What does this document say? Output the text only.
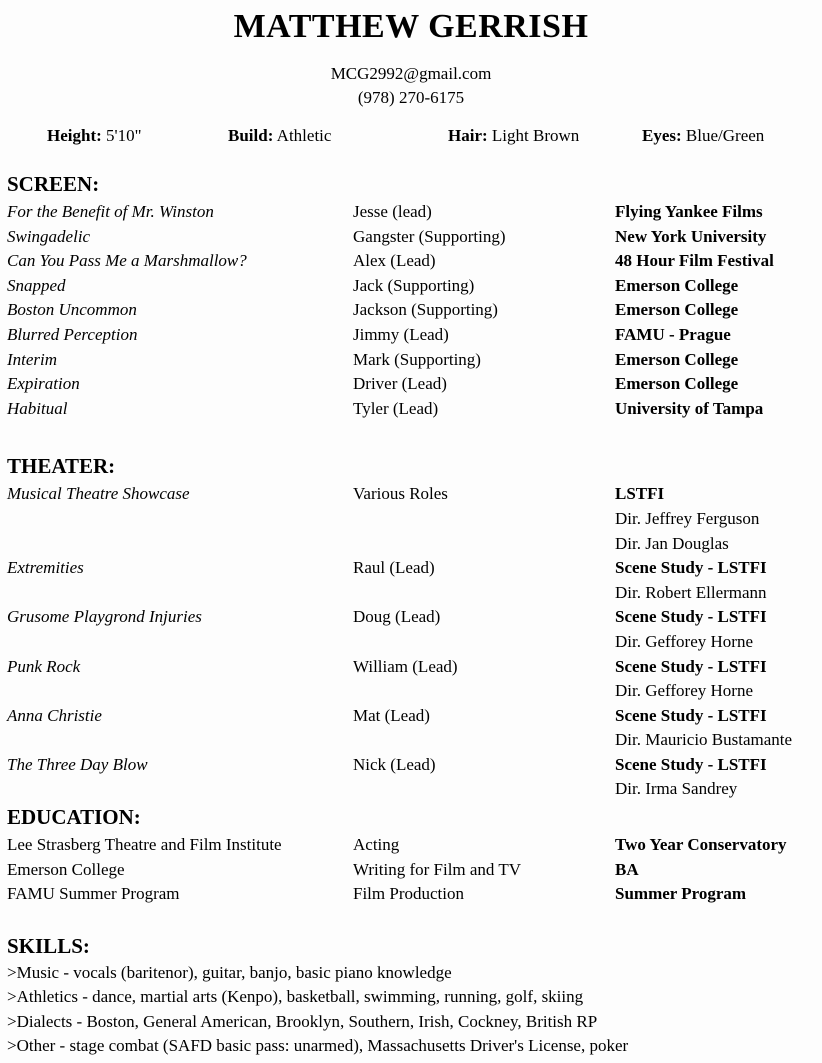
MATTHEW GERRISH
MCG2992@gmail.com
(978) 270-6175
Height: 5'10"	Build: Athletic	Hair: Light Brown	Eyes: Blue/Green
SCREEN:
For the Benefit of Mr. Winston	Jesse (lead)	Flying Yankee Films
Swingadelic	Gangster (Supporting)	New York University
Can You Pass Me a Marshmallow?	Alex (Lead)	48 Hour Film Festival
Snapped	Jack (Supporting)	Emerson College
Boston Uncommon	Jackson (Supporting)	Emerson College
Blurred Perception	Jimmy (Lead)	FAMU - Prague
Interim	Mark (Supporting)	Emerson College
Expiration	Driver (Lead)	Emerson College
Habitual	Tyler (Lead)	University of Tampa
THEATER:
Musical Theatre Showcase	Various Roles	LSTFI
Dir. Jeffrey Ferguson
Dir. Jan Douglas
Extremities	Raul (Lead)	Scene Study - LSTFI
Dir. Robert Ellermann
Grusome Playgrond Injuries	Doug (Lead)	Scene Study - LSTFI
Dir. Gefforey Horne
Punk Rock	William (Lead)	Scene Study - LSTFI
Dir. Gefforey Horne
Anna Christie	Mat (Lead)	Scene Study - LSTFI
Dir. Mauricio Bustamante
The Three Day Blow	Nick (Lead)	Scene Study - LSTFI
Dir. Irma Sandrey
EDUCATION:
Lee Strasberg Theatre and Film Institute	Acting	Two Year Conservatory
Emerson College	Writing for Film and TV	BA
FAMU Summer Program	Film Production	Summer Program
SKILLS:
>Music - vocals (baritenor), guitar, banjo, basic piano knowledge
>Athletics - dance, martial arts (Kenpo), basketball, swimming, running, golf, skiing
>Dialects - Boston, General American, Brooklyn, Southern, Irish, Cockney, British RP
>Other - stage combat (SAFD basic pass: unarmed), Massachusetts Driver's License, poker
